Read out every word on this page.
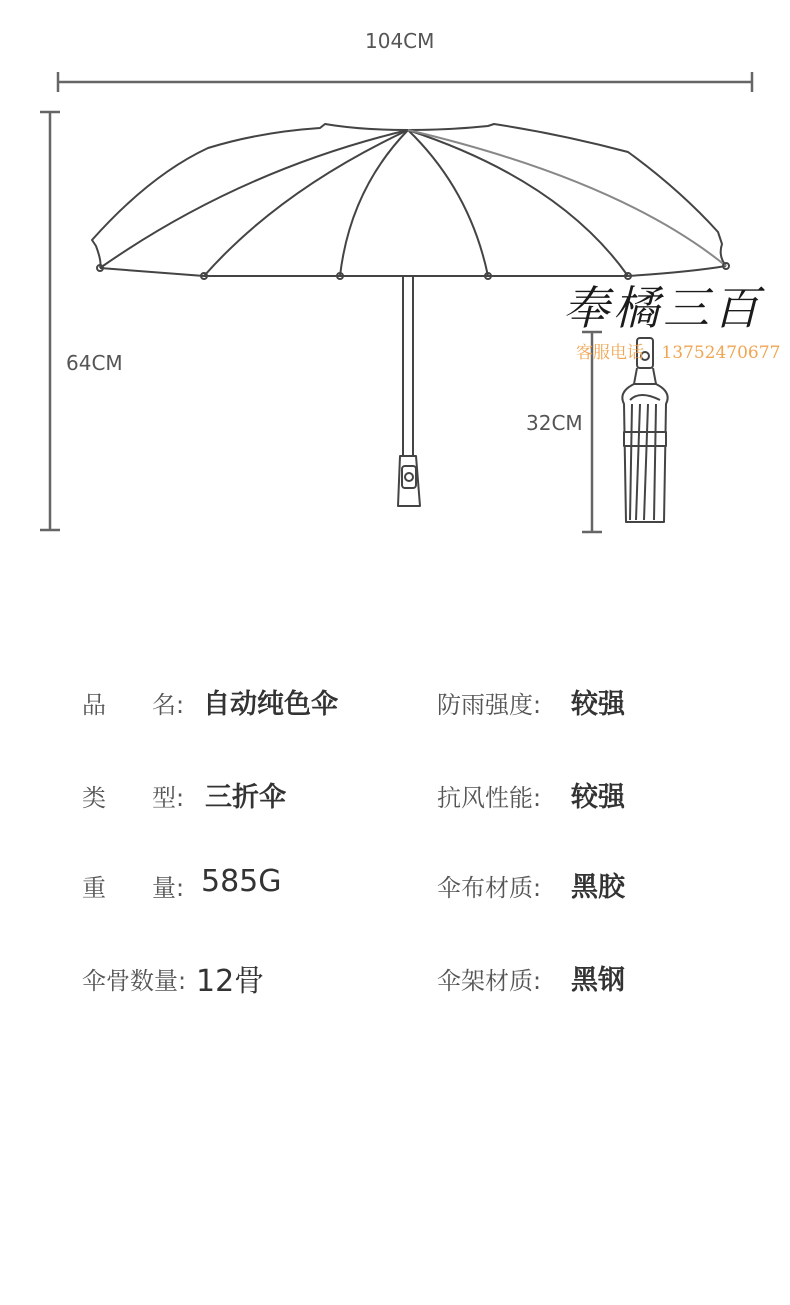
104CM
64CM
32CM
奉橘三百
客服电话 13752470677
品 名: 自动纯色伞
类 型: 三折伞
重 量: 585G
伞骨数量: 12骨
防雨强度: 较强
抗风性能: 较强
伞布材质: 黑胶
伞架材质: 黑钢
